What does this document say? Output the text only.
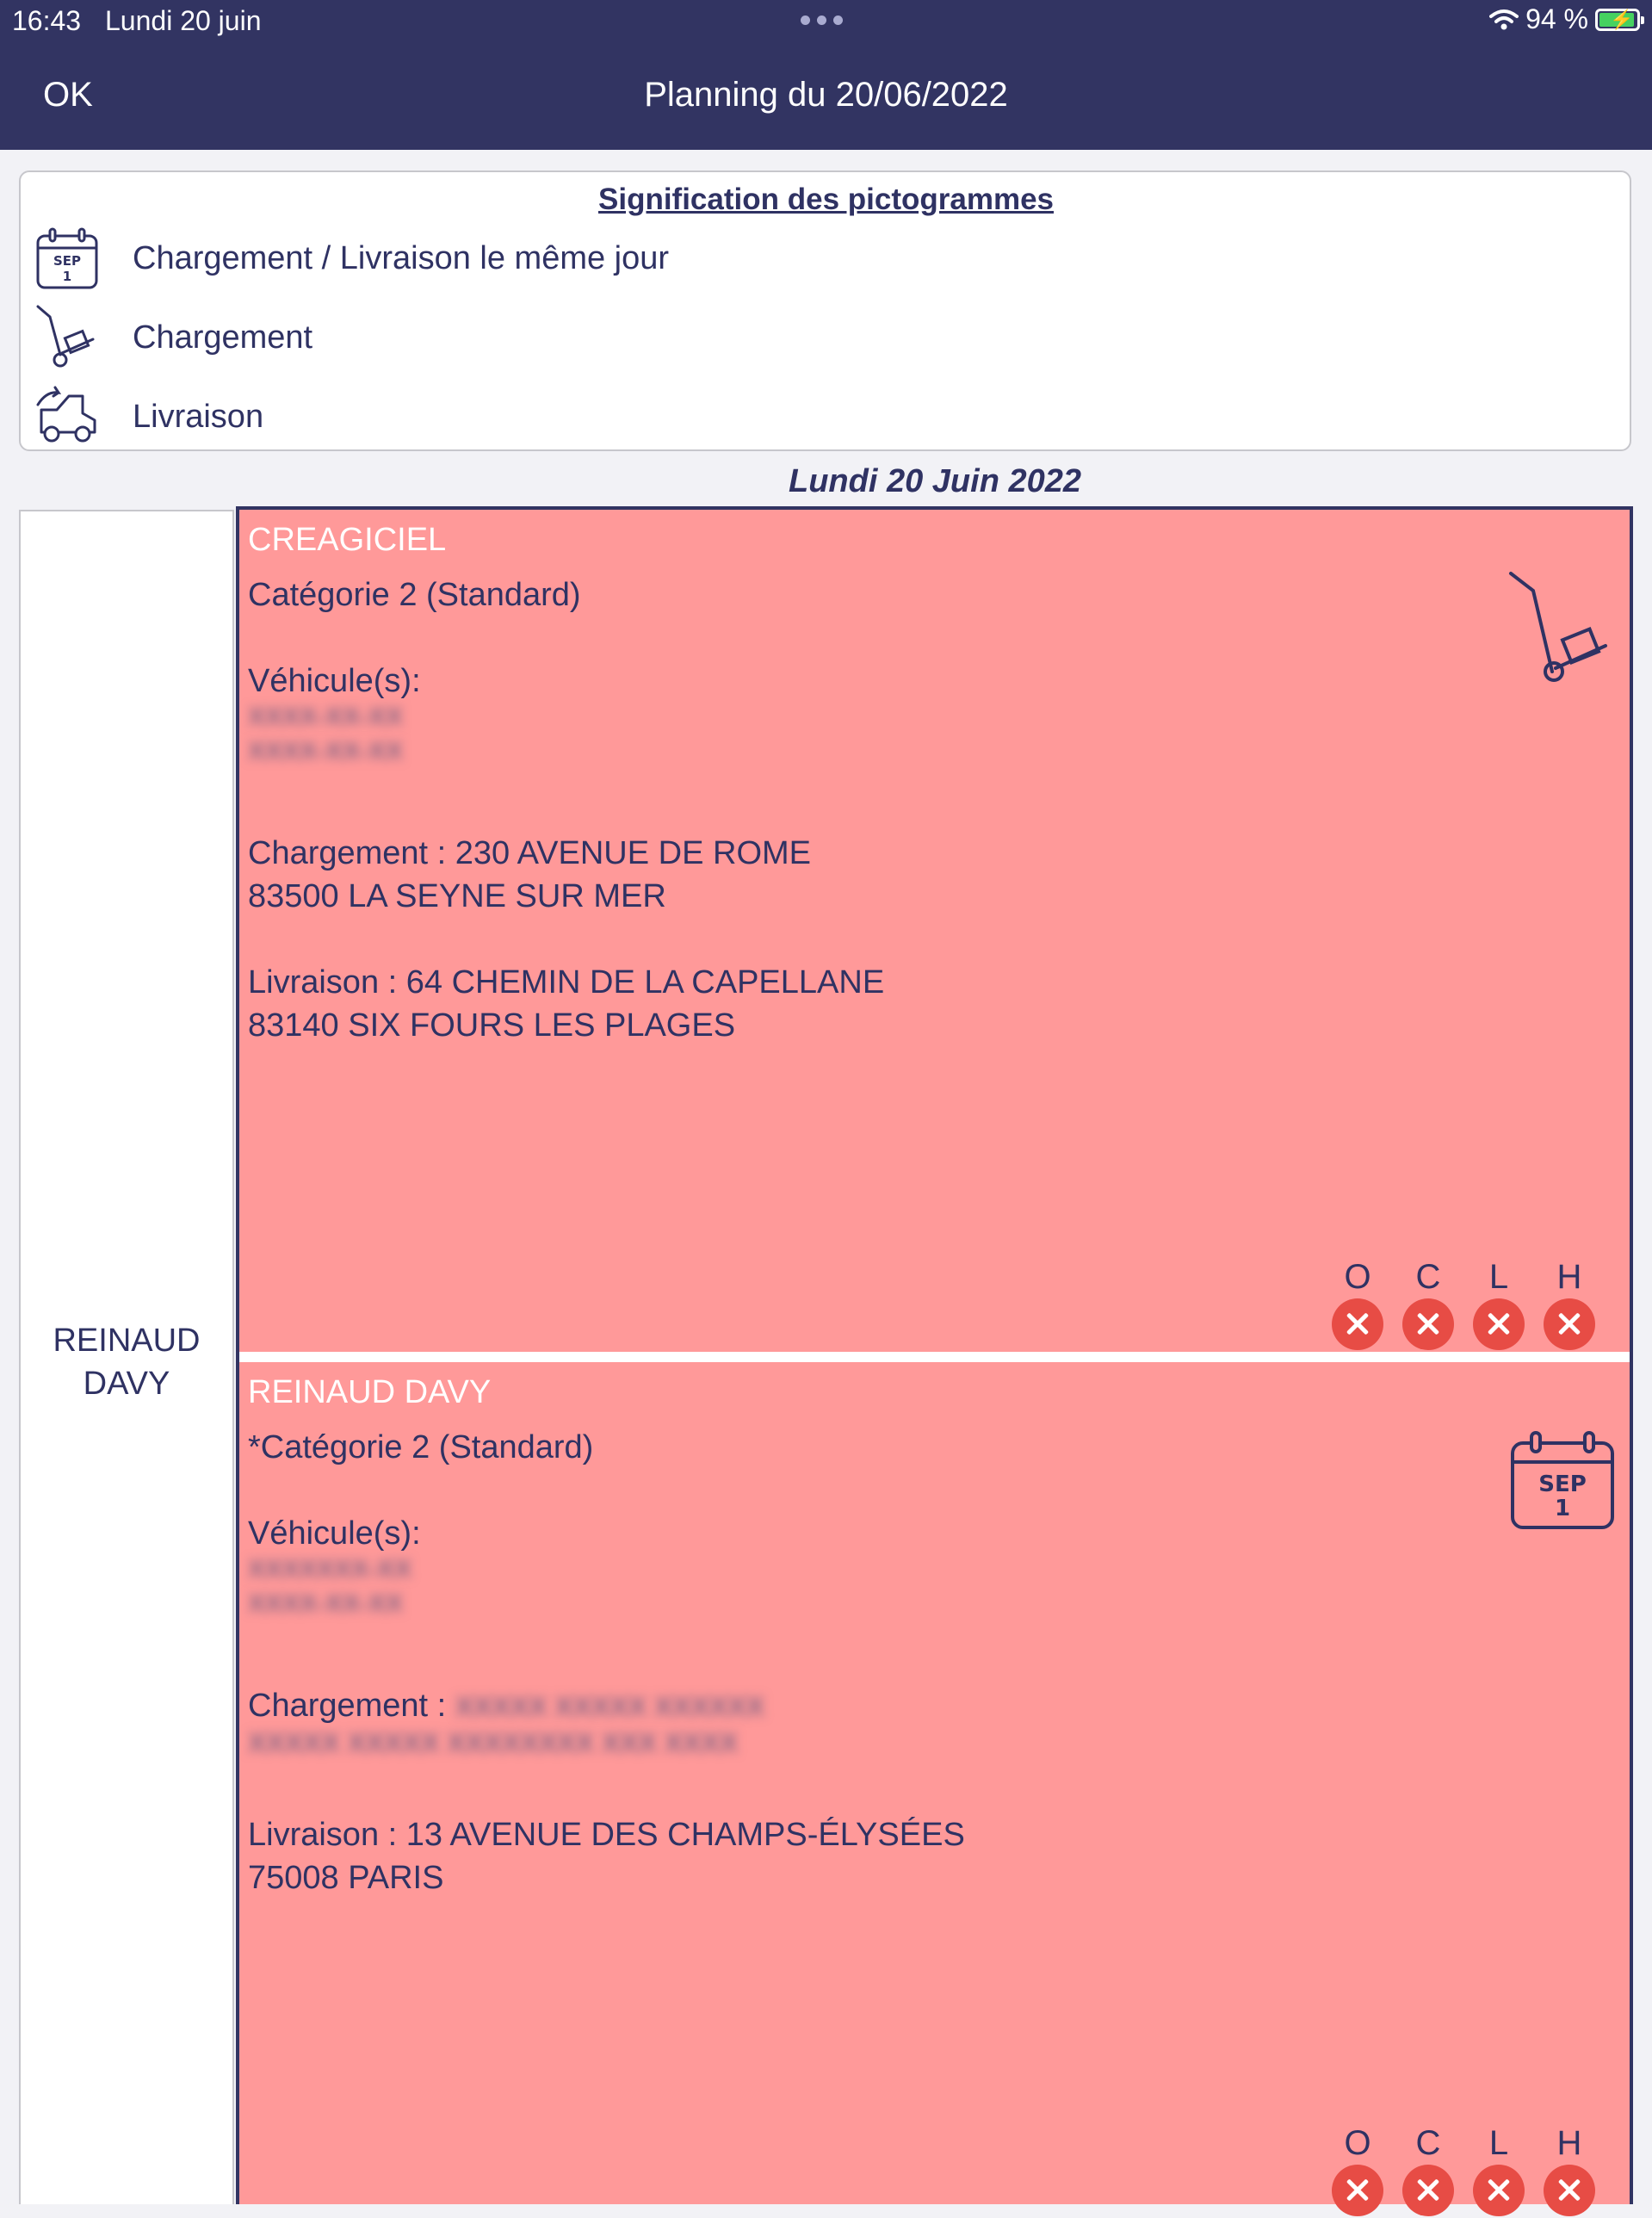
16:43 Lundi 20 juin	94 % ⚡
OK	Planning du 20/06/2022
Signification des pictogrammes
SEP
1
Chargement / Livraison le même jour
Chargement
Livraison
Lundi 20 Juin 2022
REINAUD
DAVY
CREAGICIEL
Catégorie 2 (Standard)
Véhicule(s):
XXXX-XX-XX
XXXX-XX-XX
Chargement : 230 AVENUE DE ROME
83500 LA SEYNE SUR MER
Livraison : 64 CHEMIN DE LA CAPELLANE
83140 SIX FOURS LES PLAGES
O	C	L	H
REINAUD DAVY
*Catégorie 2 (Standard)
Véhicule(s):
XXXXXXX-XX
XXXX-XX-XX
Chargement : XXXXX XXXXX XXXXXX
XXXXX XXXXX XXXXXXXX XXX XXXX
Livraison : 13 AVENUE DES CHAMPS-ÉLYSÉES
75008 PARIS
SEP
1
O	C	L	H
